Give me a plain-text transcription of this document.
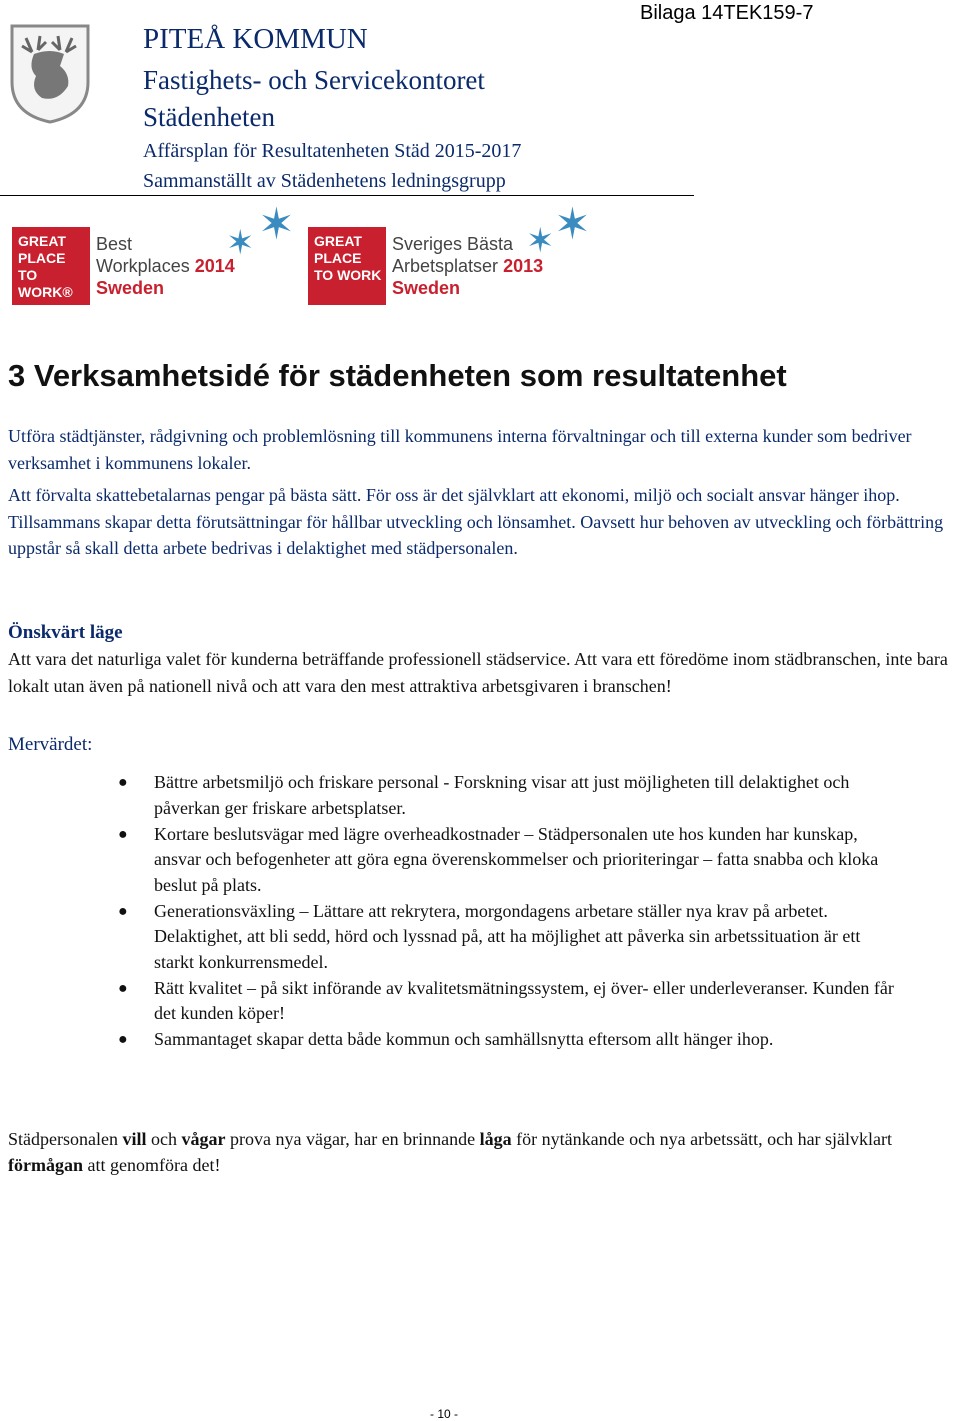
PITEÅ KOMMUN
Fastighets- och Servicekontoret
Städenheten
Affärsplan för Resultatenheten Städ 2015-2017
Sammanställt av Städenhetens ledningsgrupp
Bilaga 14TEK159-7
GREAT PLACE TO WORK®
Best
Workplaces 2014
Sweden
✶ ✶	GREAT PLACE TO WORK
Sveriges Bästa
Arbetsplatser 2013
Sweden
✶ ✶
3 Verksamhetsidé för städenheten som resultatenhet
Utföra städtjänster, rådgivning och problemlösning till kommunens interna förvaltningar och till externa kunder som bedriver verksamhet i kommunens lokaler.
Att förvalta skattebetalarnas pengar på bästa sätt. För oss är det självklart att ekonomi, miljö och socialt ansvar hänger ihop. Tillsammans skapar detta förutsättningar för hållbar utveckling och lönsamhet. Oavsett hur behoven av utveckling och förbättring uppstår så skall detta arbete bedrivas i delaktighet med städpersonalen.
Önskvärt läge
Att vara det naturliga valet för kunderna beträffande professionell städservice. Att vara ett föredöme inom städbranschen, inte bara lokalt utan även på nationell nivå och att vara den mest attraktiva arbetsgivaren i branschen!
Mervärdet:
● Bättre arbetsmiljö och friskare personal - Forskning visar att just möjligheten till delaktighet och påverkan ger friskare arbetsplatser.
● Kortare beslutsvägar med lägre overheadkostnader – Städpersonalen ute hos kunden har kunskap, ansvar och befogenheter att göra egna överenskommelser och prioriteringar – fatta snabba och kloka beslut på plats.
● Generationsväxling – Lättare att rekrytera, morgondagens arbetare ställer nya krav på arbetet. Delaktighet, att bli sedd, hörd och lyssnad på, att ha möjlighet att påverka sin arbetssituation är ett starkt konkurrensmedel.
● Rätt kvalitet – på sikt införande av kvalitetsmätningssystem, ej över- eller underleveranser. Kunden får det kunden köper!
● Sammantaget skapar detta både kommun och samhällsnytta eftersom allt hänger ihop.
Städpersonalen vill och vågar prova nya vägar, har en brinnande låga för nytänkande och nya arbetssätt, och har självklart förmågan att genomföra det!
- 10 -
